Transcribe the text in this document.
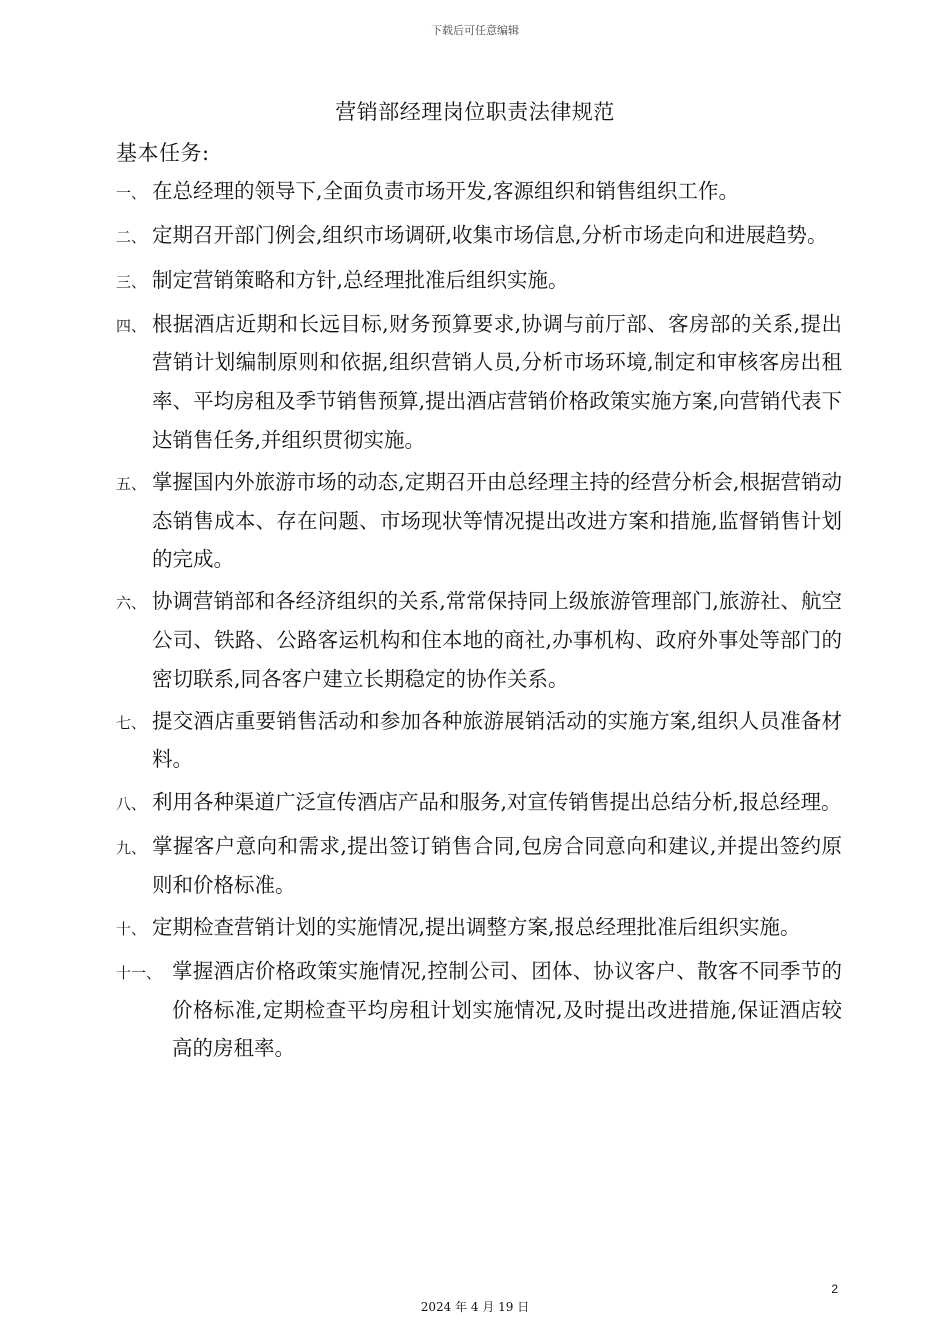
下载后可任意编辑
营销部经理岗位职责法律规范
基本任务:
一、 在总经理的领导下,全面负责市场开发,客源组织和销售组织工作。
二、 定期召开部门例会,组织市场调研,收集市场信息,分析市场走向和进展趋势。
三、 制定营销策略和方针,总经理批准后组织实施。
四、 根据酒店近期和长远目标,财务预算要求,协调与前厅部、客房部的关系,提出营销计划编制原则和依据,组织营销人员,分析市场环境,制定和审核客房出租率、平均房租及季节销售预算,提出酒店营销价格政策实施方案,向营销代表下达销售任务,并组织贯彻实施。
五、 掌握国内外旅游市场的动态,定期召开由总经理主持的经营分析会,根据营销动态销售成本、存在问题、市场现状等情况提出改进方案和措施,监督销售计划的完成。
六、 协调营销部和各经济组织的关系,常常保持同上级旅游管理部门,旅游社、航空公司、铁路、公路客运机构和住本地的商社,办事机构、政府外事处等部门的密切联系,同各客户建立长期稳定的协作关系。
七、 提交酒店重要销售活动和参加各种旅游展销活动的实施方案,组织人员准备材料。
八、 利用各种渠道广泛宣传酒店产品和服务,对宣传销售提出总结分析,报总经理。
九、 掌握客户意向和需求,提出签订销售合同,包房合同意向和建议,并提出签约原则和价格标准。
十、 定期检查营销计划的实施情况,提出调整方案,报总经理批准后组织实施。
十一、 掌握酒店价格政策实施情况,控制公司、团体、协议客户、散客不同季节的价格标准,定期检查平均房租计划实施情况,及时提出改进措施,保证酒店较高的房租率。
2
2024 年 4 月 19 日
